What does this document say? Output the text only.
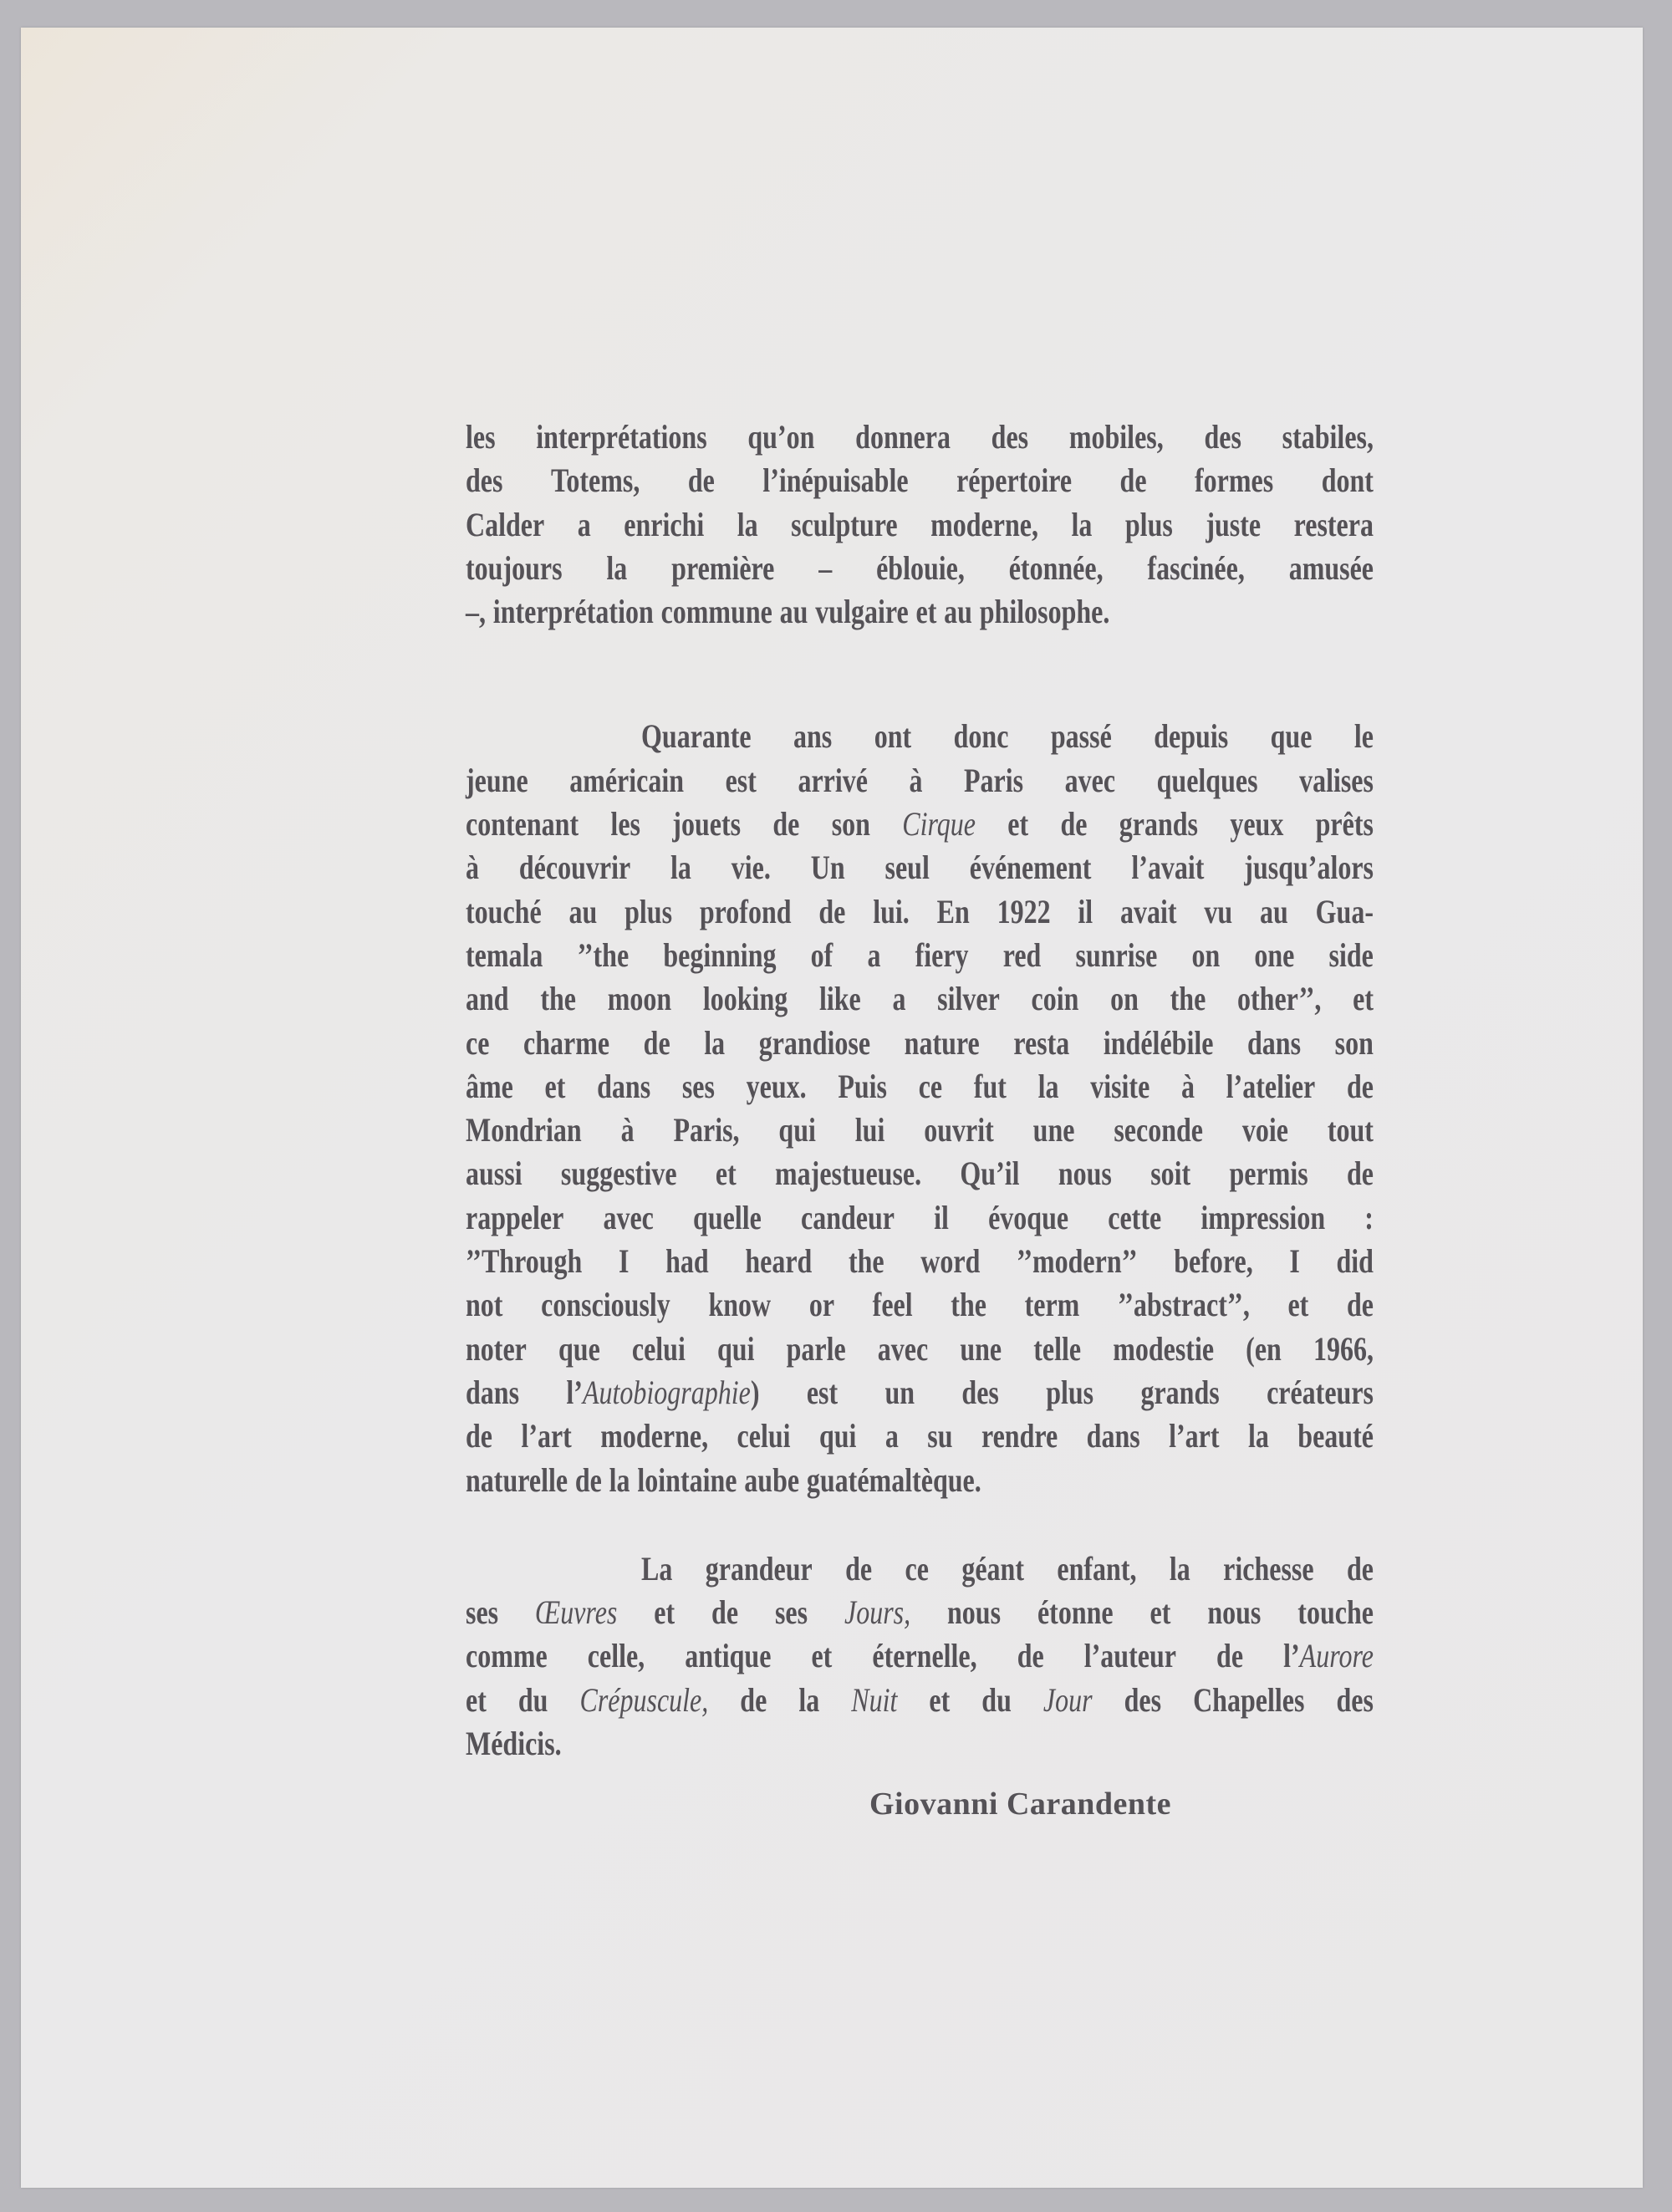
les interprétations qu’on donnera des mobiles, des stabiles,
des Totems, de l’inépuisable répertoire de formes dont
Calder a enrichi la sculpture moderne, la plus juste restera
toujours la première – éblouie, étonnée, fascinée, amusée
–, interprétation commune au vulgaire et au philosophe.
Quarante ans ont donc passé depuis que le
jeune américain est arrivé à Paris avec quelques valises
contenant les jouets de son Cirque et de grands yeux prêts
à découvrir la vie. Un seul événement l’avait jusqu’alors
touché au plus profond de lui. En 1922 il avait vu au Gua-
temala ’’the beginning of a fiery red sunrise on one side
and the moon looking like a silver coin on the other’’, et
ce charme de la grandiose nature resta indélébile dans son
âme et dans ses yeux. Puis ce fut la visite à l’atelier de
Mondrian à Paris, qui lui ouvrit une seconde voie tout
aussi suggestive et majestueuse. Qu’il nous soit permis de
rappeler avec quelle candeur il évoque cette impression :
’’Through I had heard the word ’’modern’’ before, I did
not consciously know or feel the term ’’abstract’’, et de
noter que celui qui parle avec une telle modestie (en 1966,
dans l’Autobiographie) est un des plus grands créateurs
de l’art moderne, celui qui a su rendre dans l’art la beauté
naturelle de la lointaine aube guatémaltèque.
La grandeur de ce géant enfant, la richesse de
ses Œuvres et de ses Jours, nous étonne et nous touche
comme celle, antique et éternelle, de l’auteur de l’Aurore
et du Crépuscule, de la Nuit et du Jour des Chapelles des
Médicis.
Giovanni Carandente
